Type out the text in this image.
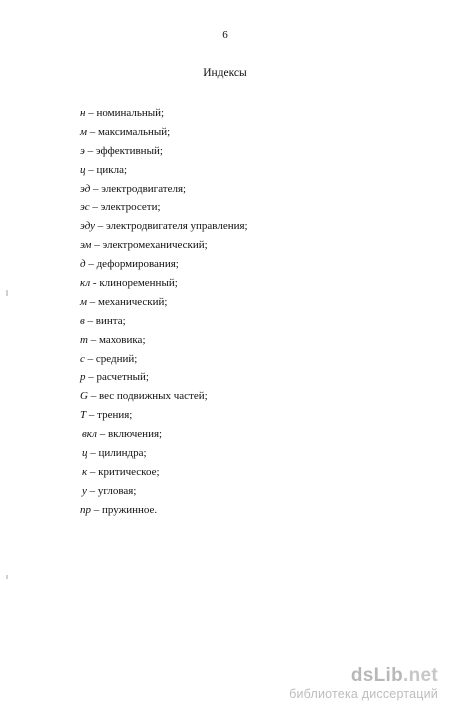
6
Индексы
н – номинальный;
м – максимальный;
э – эффективный;
ц – цикла;
эд – электродвигателя;
эс – электросети;
эду – электродвигателя управления;
эм – электромеханический;
д – деформирования;
кл - клиноременный;
м – механический;
в – винта;
т – маховика;
с – средний;
р – расчетный;
G – вес подвижных частей;
Т – трения;
вкл – включения;
ц – цилиндра;
к – критическое;
у – угловая;
пр – пружинное.
dsLib.net
библиотека диссертаций
